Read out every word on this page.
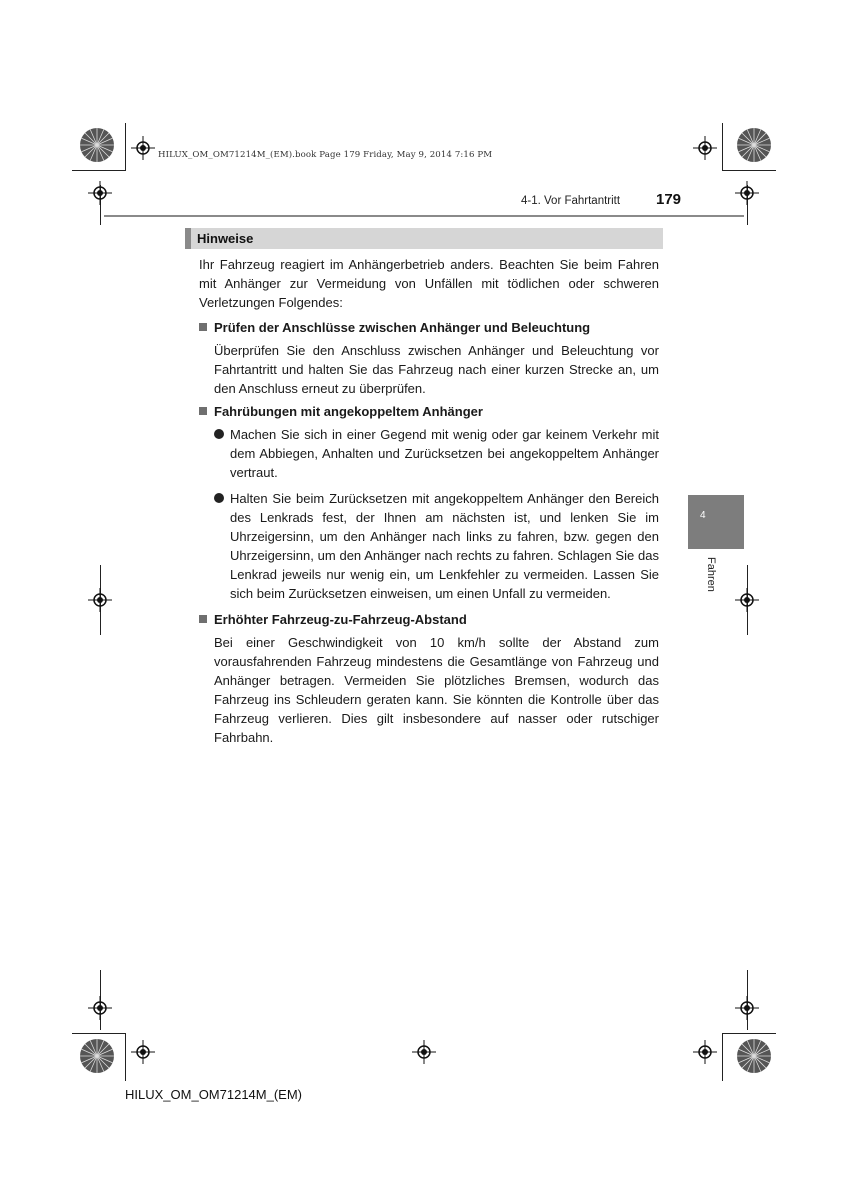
HILUX_OM_OM71214M_(EM).book Page 179 Friday, May 9, 2014 7:16 PM
4-1. Vor Fahrtantritt 179
4
Fahren
Hinweise

Ihr Fahrzeug reagiert im Anhängerbetrieb anders. Beachten Sie beim Fahren mit Anhänger zur Vermeidung von Unfällen mit tödlichen oder schweren Verletzungen Folgendes:

Prüfen der Anschlüsse zwischen Anhänger und Beleuchtung

Überprüfen Sie den Anschluss zwischen Anhänger und Beleuchtung vor Fahrtantritt und halten Sie das Fahrzeug nach einer kurzen Strecke an, um den Anschluss erneut zu überprüfen.

Fahrübungen mit angekoppeltem Anhänger

Machen Sie sich in einer Gegend mit wenig oder gar keinem Verkehr mit dem Abbiegen, Anhalten und Zurücksetzen bei angekoppeltem Anhänger vertraut.

Halten Sie beim Zurücksetzen mit angekoppeltem Anhänger den Bereich des Lenkrads fest, der Ihnen am nächsten ist, und lenken Sie im Uhrzeigersinn, um den Anhänger nach links zu fahren, bzw. gegen den Uhrzeigersinn, um den Anhänger nach rechts zu fahren. Schlagen Sie das Lenkrad jeweils nur wenig ein, um Lenkfehler zu vermeiden. Lassen Sie sich beim Zurücksetzen einweisen, um einen Unfall zu vermeiden.

Erhöhter Fahrzeug-zu-Fahrzeug-Abstand

Bei einer Geschwindigkeit von 10 km/h sollte der Abstand zum vorausfahrenden Fahrzeug mindestens die Gesamtlänge von Fahrzeug und Anhänger betragen. Vermeiden Sie plötzliches Bremsen, wodurch das Fahrzeug ins Schleudern geraten kann. Sie könnten die Kontrolle über das Fahrzeug verlieren. Dies gilt insbesondere auf nasser oder rutschiger Fahrbahn.

HILUX_OM_OM71214M_(EM)
